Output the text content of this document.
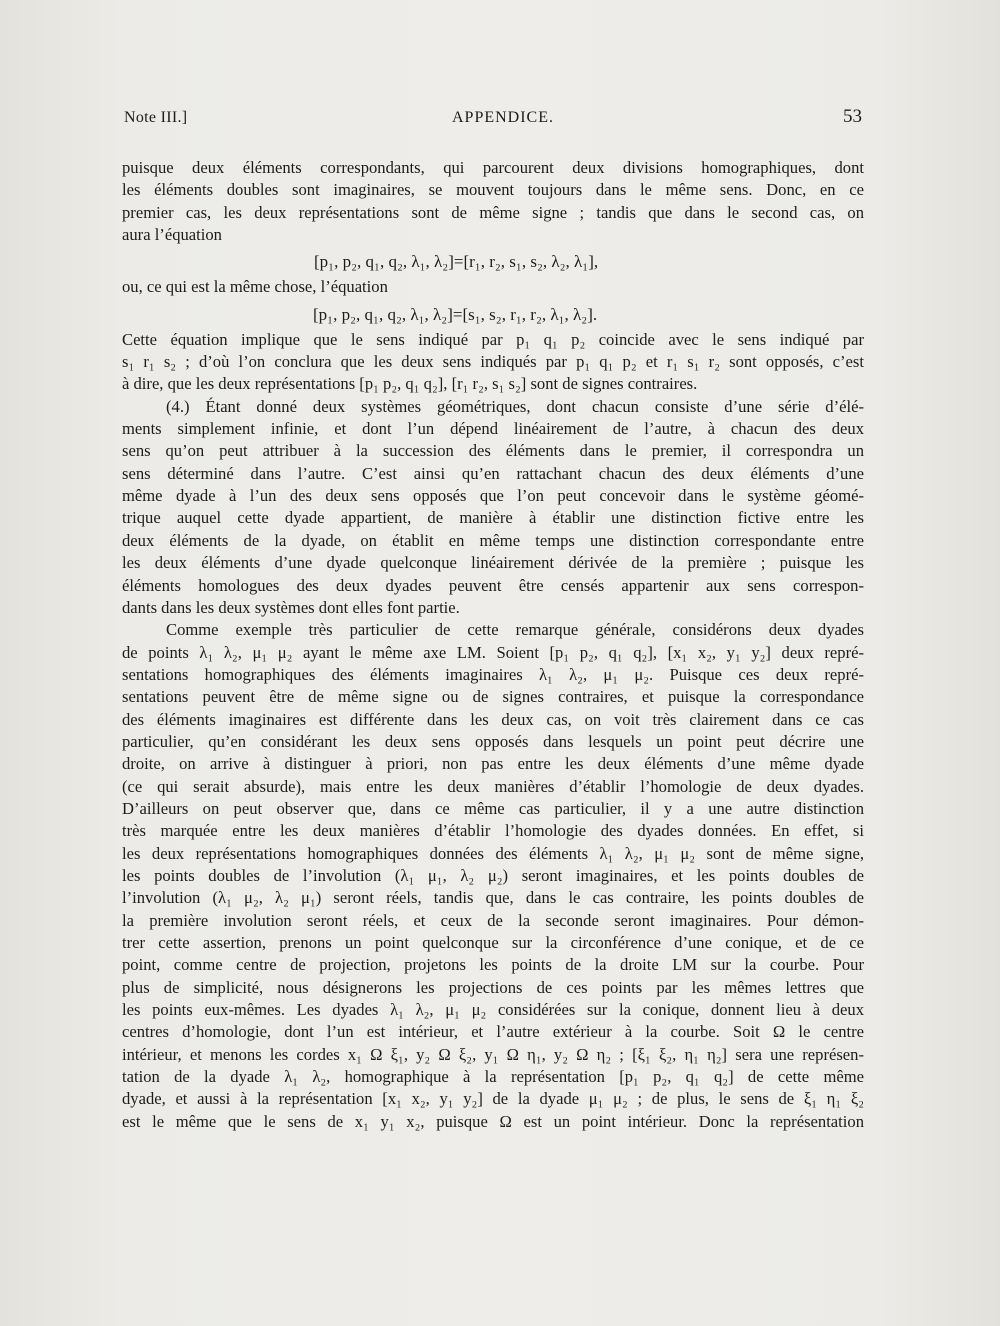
Note III.]	APPENDICE.	53
puisque deux éléments correspondants, qui parcourent deux divisions homographiques, dont
les éléments doubles sont imaginaires, se mouvent toujours dans le même sens. Donc, en ce
premier cas, les deux représentations sont de même signe ; tandis que dans le second cas, on
aura l’équation
[p₁, p₂, q₁, q₂, λ₁, λ₂]=[r₁, r₂, s₁, s₂, λ₂, λ₁],
ou, ce qui est la même chose, l’équation
[p₁, p₂, q₁, q₂, λ₁, λ₂]=[s₁, s₂, r₁, r₂, λ₁, λ₂].
Cette équation implique que le sens indiqué par p₁ q₁ p₂ coincide avec le sens indiqué par
s₁ r₁ s₂ ; d’où l’on conclura que les deux sens indiqués par p₁ q₁ p₂ et r₁ s₁ r₂ sont opposés, c’est
à dire, que les deux représentations [p₁ p₂, q₁ q₂], [r₁ r₂, s₁ s₂] sont de signes contraires.
(4.) Étant donné deux systèmes géométriques, dont chacun consiste d’une série d’élé-
ments simplement infinie, et dont l’un dépend linéairement de l’autre, à chacun des deux
sens qu’on peut attribuer à la succession des éléments dans le premier, il correspondra un
sens déterminé dans l’autre. C’est ainsi qu’en rattachant chacun des deux éléments d’une
même dyade à l’un des deux sens opposés que l’on peut concevoir dans le système géomé-
trique auquel cette dyade appartient, de manière à établir une distinction fictive entre les
deux éléments de la dyade, on établit en même temps une distinction correspondante entre
les deux éléments d’une dyade quelconque linéairement dérivée de la première ; puisque les
éléments homologues des deux dyades peuvent être censés appartenir aux sens correspon-
dants dans les deux systèmes dont elles font partie.
Comme exemple très particulier de cette remarque générale, considérons deux dyades
de points λ₁ λ₂, μ₁ μ₂ ayant le même axe LM. Soient [p₁ p₂, q₁ q₂], [x₁ x₂, y₁ y₂] deux repré-
sentations homographiques des éléments imaginaires λ₁ λ₂, μ₁ μ₂. Puisque ces deux repré-
sentations peuvent être de même signe ou de signes contraires, et puisque la correspondance
des éléments imaginaires est différente dans les deux cas, on voit très clairement dans ce cas
particulier, qu’en considérant les deux sens opposés dans lesquels un point peut décrire une
droite, on arrive à distinguer à priori, non pas entre les deux éléments d’une même dyade
(ce qui serait absurde), mais entre les deux manières d’établir l’homologie de deux dyades.
D’ailleurs on peut observer que, dans ce même cas particulier, il y a une autre distinction
très marquée entre les deux manières d’établir l’homologie des dyades données. En effet, si
les deux représentations homographiques données des éléments λ₁ λ₂, μ₁ μ₂ sont de même signe,
les points doubles de l’involution (λ₁ μ₁, λ₂ μ₂) seront imaginaires, et les points doubles de
l’involution (λ₁ μ₂, λ₂ μ₁) seront réels, tandis que, dans le cas contraire, les points doubles de
la première involution seront réels, et ceux de la seconde seront imaginaires. Pour démon-
trer cette assertion, prenons un point quelconque sur la circonférence d’une conique, et de ce
point, comme centre de projection, projetons les points de la droite LM sur la courbe. Pour
plus de simplicité, nous désignerons les projections de ces points par les mêmes lettres que
les points eux-mêmes. Les dyades λ₁ λ₂, μ₁ μ₂ considérées sur la conique, donnent lieu à deux
centres d’homologie, dont l’un est intérieur, et l’autre extérieur à la courbe. Soit Ω le centre
intérieur, et menons les cordes x₁ Ω ξ₁, y₂ Ω ξ₂, y₁ Ω η₁, y₂ Ω η₂ ; [ξ₁ ξ₂, η₁ η₂] sera une représen-
tation de la dyade λ₁ λ₂, homographique à la représentation [p₁ p₂, q₁ q₂] de cette même
dyade, et aussi à la représentation [x₁ x₂, y₁ y₂] de la dyade μ₁ μ₂ ; de plus, le sens de ξ₁ η₁ ξ₂
est le même que le sens de x₁ y₁ x₂, puisque Ω est un point intérieur. Donc la représentation
